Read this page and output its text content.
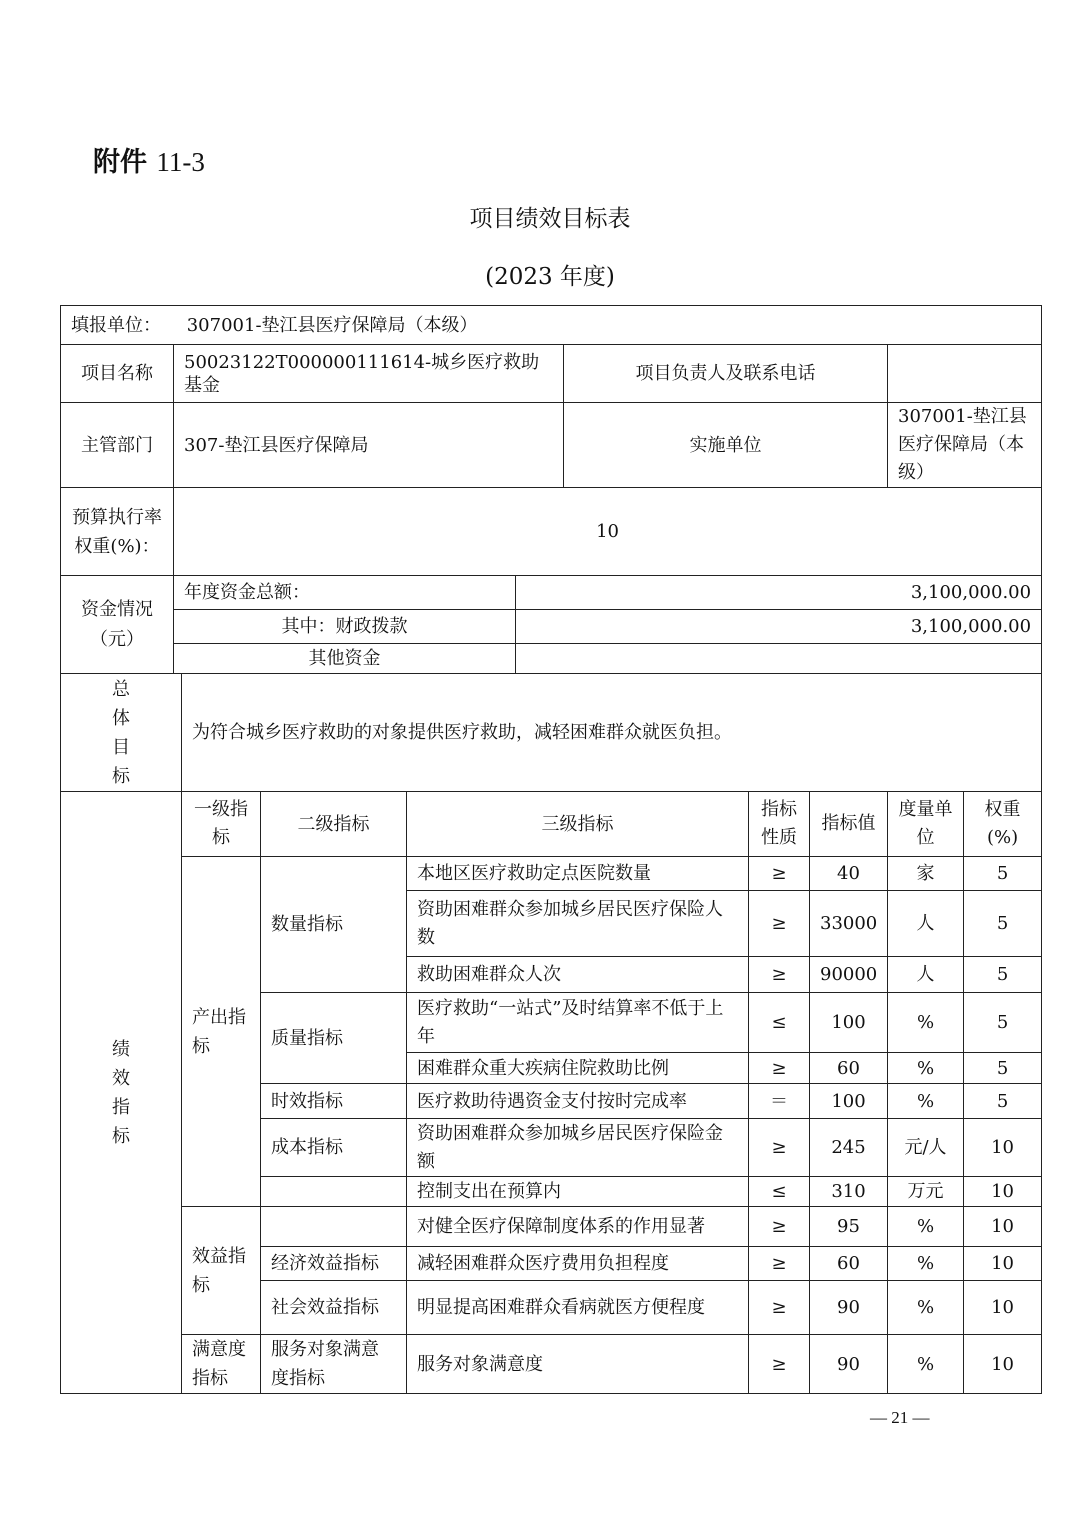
附件 11-3
项目绩效目标表
(2023 年度)
填报单位： 307001-垫江县医疗保障局（本级）										
项目名称	50023122T000000111614-城乡医疗救助基金					项目负责人及联系电话				
主管部门	307-垫江县医疗保障局					实施单位			307001-垫江县医疗保障局（本级）	
预算执行率权重(%)：	10									
资金情况（元）	年度资金总额：				3,100,000.00					
	其中：财政拨款				3,100,000.00					
	其他资金									

总体目标		为符合城乡医疗救助的对象提供医疗救助，减轻困难群众就医负担。								

绩效指标		一级指标	二级指标	三级指标			指标性质	指标值	度量单位	权重(%)
		产出指标	数量指标	本地区医疗救助定点医院数量			≥	40	家	5
				资助困难群众参加城乡居民医疗保险人数			≥	33000	人	5
				救助困难群众人次			≥	90000	人	5
			质量指标	医疗救助“一站式”及时结算率不低于上年			≤	100	%	5
				困难群众重大疾病住院救助比例			≥	60	%	5
			时效指标	医疗救助待遇资金支付按时完成率			＝	100	%	5
			成本指标	资助困难群众参加城乡居民医疗保险金额			≥	245	元/人	10
				控制支出在预算内			≤	310	万元	10
		效益指标		对健全医疗保障制度体系的作用显著			≥	95	%	10
			经济效益指标	减轻困难群众医疗费用负担程度			≥	60	%	10
			社会效益指标	明显提高困难群众看病就医方便程度			≥	90	%	10
		满意度指标	服务对象满意度指标	服务对象满意度			≥	90	%	10
— 21 —
